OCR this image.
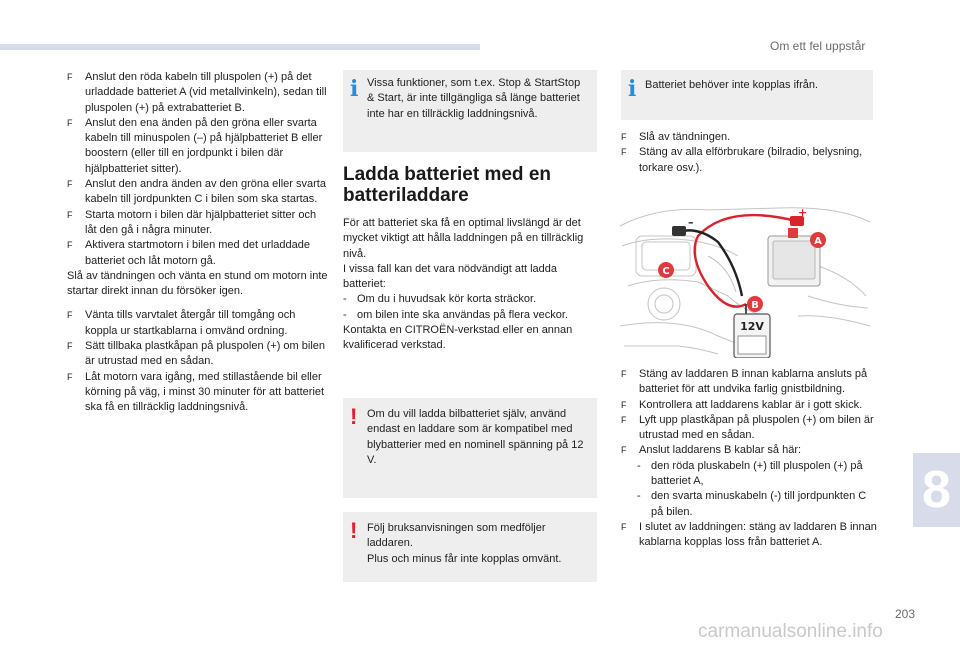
Om ett fel uppstår
F Anslut den röda kabeln till pluspolen (+) på det urladdade batteriet A (vid metallvinkeln), sedan till pluspolen (+) på extrabatteriet B.
F Anslut den ena änden på den gröna eller svarta kabeln till minuspolen (–) på hjälpbatteriet B eller boostern (eller till en jordpunkt i bilen där hjälpbatteriet sitter).
F Anslut den andra änden av den gröna eller svarta kabeln till jordpunkten C i bilen som ska startas.
F Starta motorn i bilen där hjälpbatteriet sitter och låt den gå i några minuter.
F Aktivera startmotorn i bilen med det urladdade batteriet och låt motorn gå.

Slå av tändningen och vänta en stund om motorn inte startar direkt innan du försöker igen.

F Vänta tills varvtalet återgår till tomgång och koppla ur startkablarna i omvänd ordning.
F Sätt tillbaka plastkåpan på pluspolen (+) om bilen är utrustad med en sådan.
F Låt motorn vara igång, med stillastående bil eller körning på väg, i minst 30 minuter för att batteriet ska få en tillräcklig laddningsnivå.
i Vissa funktioner, som t.ex. Stop & StartStop & Start, är inte tillgängliga så länge batteriet inte har en tillräcklig laddningsnivå.
Ladda batteriet med en batteriladdare

För att batteriet ska få en optimal livslängd är det mycket viktigt att hålla laddningen på en tillräcklig nivå.

I vissa fall kan det vara nödvändigt att ladda batteriet:

- Om du i huvudsak kör korta sträckor.
- om bilen inte ska användas på flera veckor.

Kontakta en CITROËN-verkstad eller en annan kvalificerad verkstad.

! Om du vill ladda bilbatteriet själv, använd endast en laddare som är kompatibel med blybatterier med en nominell spänning på 12 V.
! Följ bruksanvisningen som medföljer laddaren.
Plus och minus får inte kopplas omvänt.
i Batteriet behöver inte kopplas ifrån.
F Slå av tändningen.
F Stäng av alla elförbrukare (bilradio, belysning, torkare osv.).
12V
+
–
A
B
C
F Stäng av laddaren B innan kablarna ansluts på batteriet för att undvika farlig gnistbildning.
F Kontrollera att laddarens kablar är i gott skick.
F Lyft upp plastkåpan på pluspolen (+) om bilen är utrustad med en sådan.
F Anslut laddarens B kablar så här:
- den röda pluskabeln (+) till pluspolen (+) på batteriet A,
- den svarta minuskabeln (-) till jordpunkten C på bilen.
F I slutet av laddningen: stäng av laddaren B innan kablarna kopplas loss från batteriet A.
8
203
carmanualsonline.info
